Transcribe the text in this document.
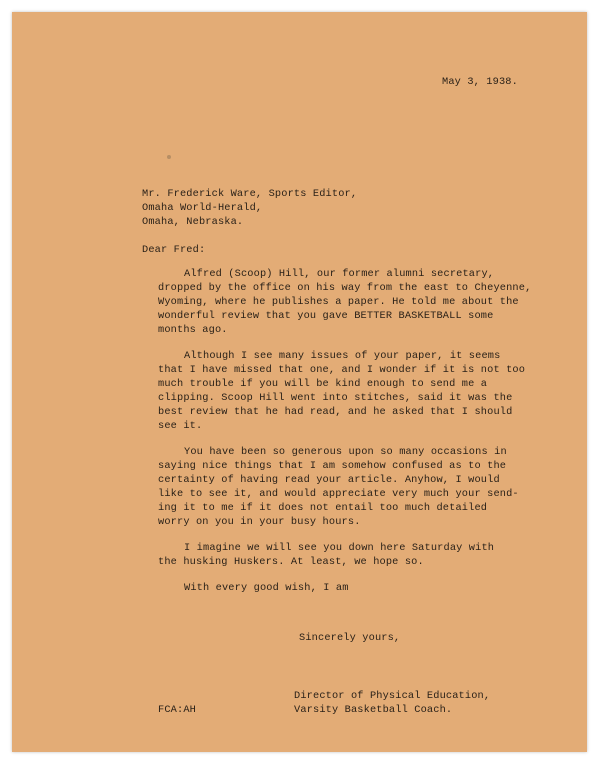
May 3, 1938.
Mr. Frederick Ware, Sports Editor,
Omaha World-Herald,
Omaha, Nebraska.
Dear Fred:
Alfred (Scoop) Hill, our former alumni secretary,
dropped by the office on his way from the east to Cheyenne,
Wyoming, where he publishes a paper. He told me about the
wonderful review that you gave BETTER BASKETBALL some
months ago.
Although I see many issues of your paper, it seems
that I have missed that one, and I wonder if it is not too
much trouble if you will be kind enough to send me a
clipping. Scoop Hill went into stitches, said it was the
best review that he had read, and he asked that I should
see it.
You have been so generous upon so many occasions in
saying nice things that I am somehow confused as to the
certainty of having read your article. Anyhow, I would
like to see it, and would appreciate very much your send-
ing it to me if it does not entail too much detailed
worry on you in your busy hours.
I imagine we will see you down here Saturday with
the husking Huskers. At least, we hope so.
With every good wish, I am
Sincerely yours,
FCA:AH
Director of Physical Education,
Varsity Basketball Coach.
